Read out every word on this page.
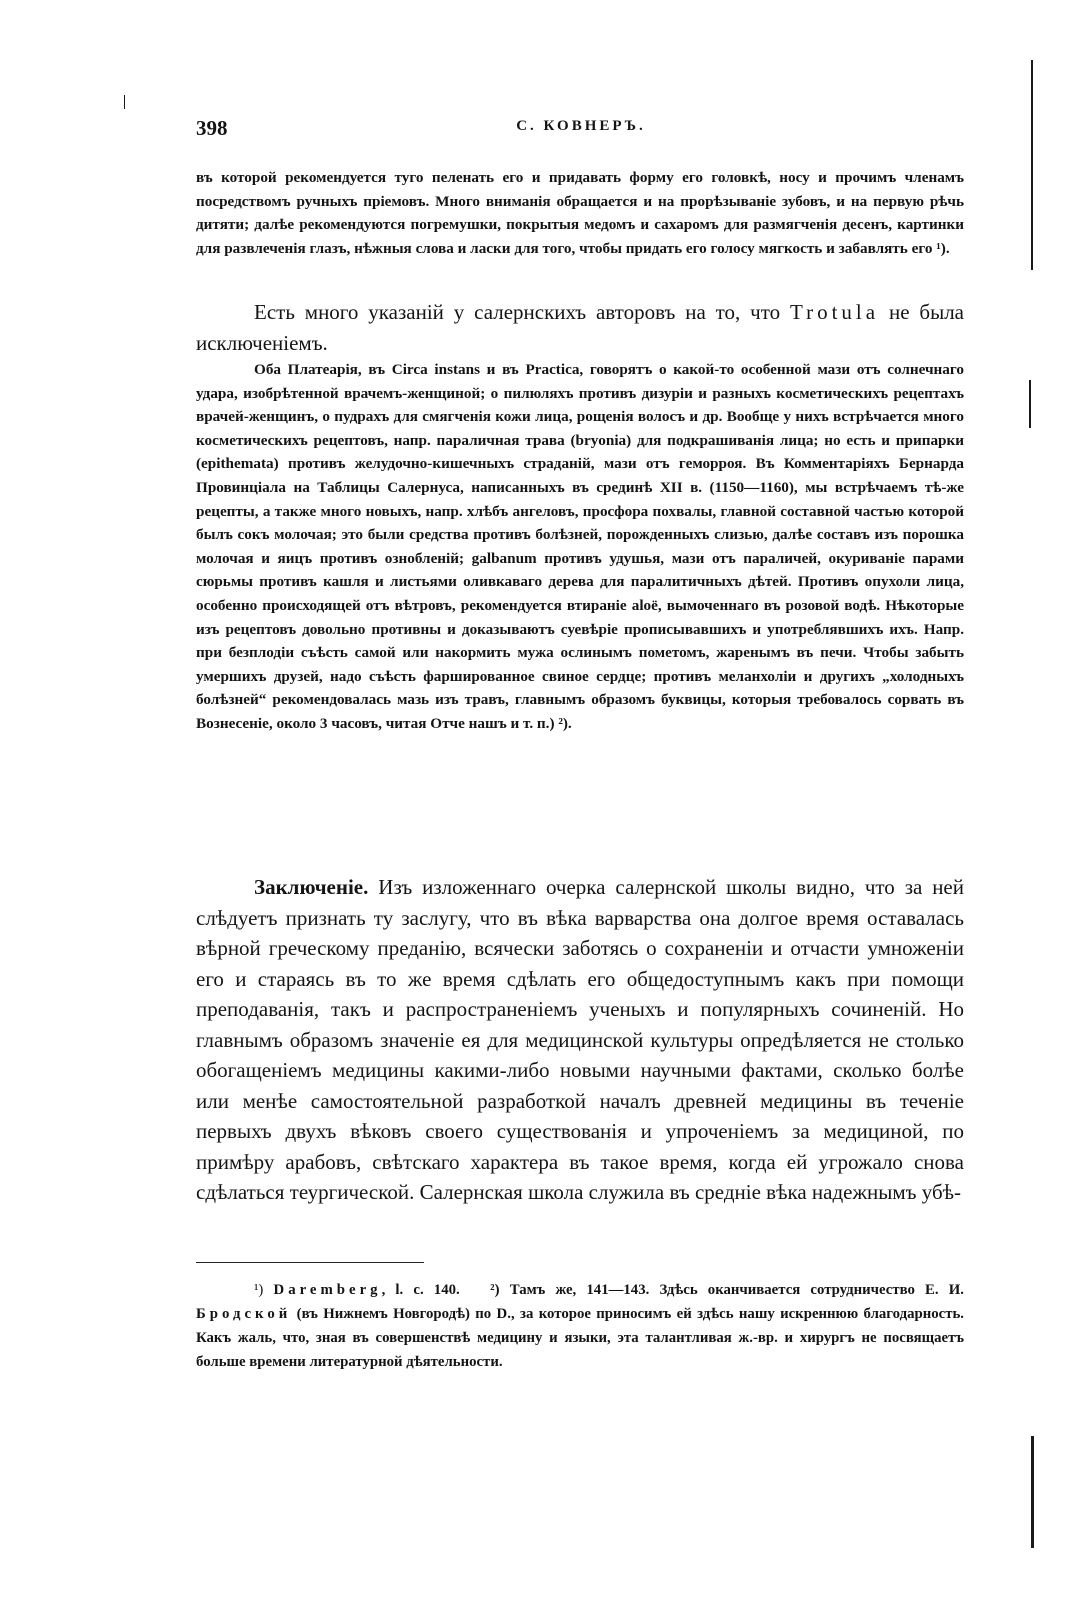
398	С. КОВНЕРЪ.

въ которой рекомендуется туго пеленать его и придавать форму его головкѣ, носу и прочимъ членамъ посредствомъ ручныхъ пріемовъ. Много вниманія обращается и на прорѣзываніе зубовъ, и на первую рѣчь дитяти; далѣе рекомендуются погремушки, покрытыя медомъ и сахаромъ для размягченія десенъ, картинки для развлеченія глазъ, нѣжныя слова и ласки для того, чтобы придать его голосу мягкость и забавлять его ¹).

Есть много указаній у салернскихъ авторовъ на то, что Trotula не была исключеніемъ.

Оба Платеарія, въ Circa instans и въ Practica, говорятъ о какой-то особенной мази отъ солнечнаго удара, изобрѣтенной врачемъ-женщиной; о пилюляхъ противъ дизуріи и разныхъ косметическихъ рецептахъ врачей-женщинъ, о пудрахъ для смягченія кожи лица, рощенія волосъ и др. Вообще у нихъ встрѣчается много косметическихъ рецептовъ, напр. параличная трава (bryonia) для подкрашиванія лица; но есть и припарки (epithemata) противъ желудочно-кишечныхъ страданій, мази отъ геморроя. Въ Комментаріяхъ Бернарда Провинціала на Таблицы Салернуса, написанныхъ въ срединѣ XII в. (1150—1160), мы встрѣчаемъ тѣ-же рецепты, а также много новыхъ, напр. хлѣбъ ангеловъ, просфора похвалы, главной составной частью которой былъ сокъ молочая; это были средства противъ болѣзней, порожденныхъ слизью, далѣе составъ изъ порошка молочая и яицъ противъ ознобленій; galbanum противъ удушья, мази отъ параличей, окуриваніе парами сюрьмы противъ кашля и листьями оливкаваго дерева для паралитичныхъ дѣтей. Противъ опухоли лица, особенно происходящей отъ вѣтровъ, рекомендуется втираніе aloë, вымоченнаго въ розовой водѣ. Нѣкоторые изъ рецептовъ довольно противны и доказываютъ суевѣріе прописывавшихъ и употреблявшихъ ихъ. Напр. при безплодіи съѣсть самой или накормить мужа ослинымъ пометомъ, жаренымъ въ печи. Чтобы забыть умершихъ друзей, надо съѣсть фаршированное свиное сердце; противъ меланхоліи и другихъ „холодныхъ болѣзней“ рекомендовалась мазь изъ травъ, главнымъ образомъ буквицы, которыя требовалось сорвать въ Вознесеніе, около 3 часовъ, читая Отче нашъ и т. п.) ²).

Заключеніе. Изъ изложеннаго очерка салернской школы видно, что за ней слѣдуетъ признать ту заслугу, что въ вѣка варварства она долгое время оставалась вѣрной греческому преданію, всячески заботясь о сохраненіи и отчасти умноженіи его и стараясь въ то же время сдѣлать его общедоступнымъ какъ при помощи преподаванія, такъ и распространеніемъ ученыхъ и популярныхъ сочиненій. Но главнымъ образомъ значеніе ея для медицинской культуры опредѣляется не столько обогащеніемъ медицины какими-либо новыми научными фактами, сколько болѣе или менѣе самостоятельной разработкой началъ древней медицины въ теченіе первыхъ двухъ вѣковъ своего существованія и упроченіемъ за медициной, по примѣру арабовъ, свѣтскаго характера въ такое время, когда ей угрожало снова сдѣлаться теургической. Салернская школа служила въ средніе вѣка надежнымъ убѣ-

¹) Daremberg, l. c. 140. ²) Тамъ же, 141—143. Здѣсь оканчивается сотрудничество Е. И. Бродской (въ Нижнемъ Новгородѣ) по D., за которое приносимъ ей здѣсь нашу искреннюю благодарность. Какъ жаль, что, зная въ совершенствѣ медицину и языки, эта талантливая ж.-вр. и хирургъ не посвящаетъ больше времени литературной дѣятельности.
